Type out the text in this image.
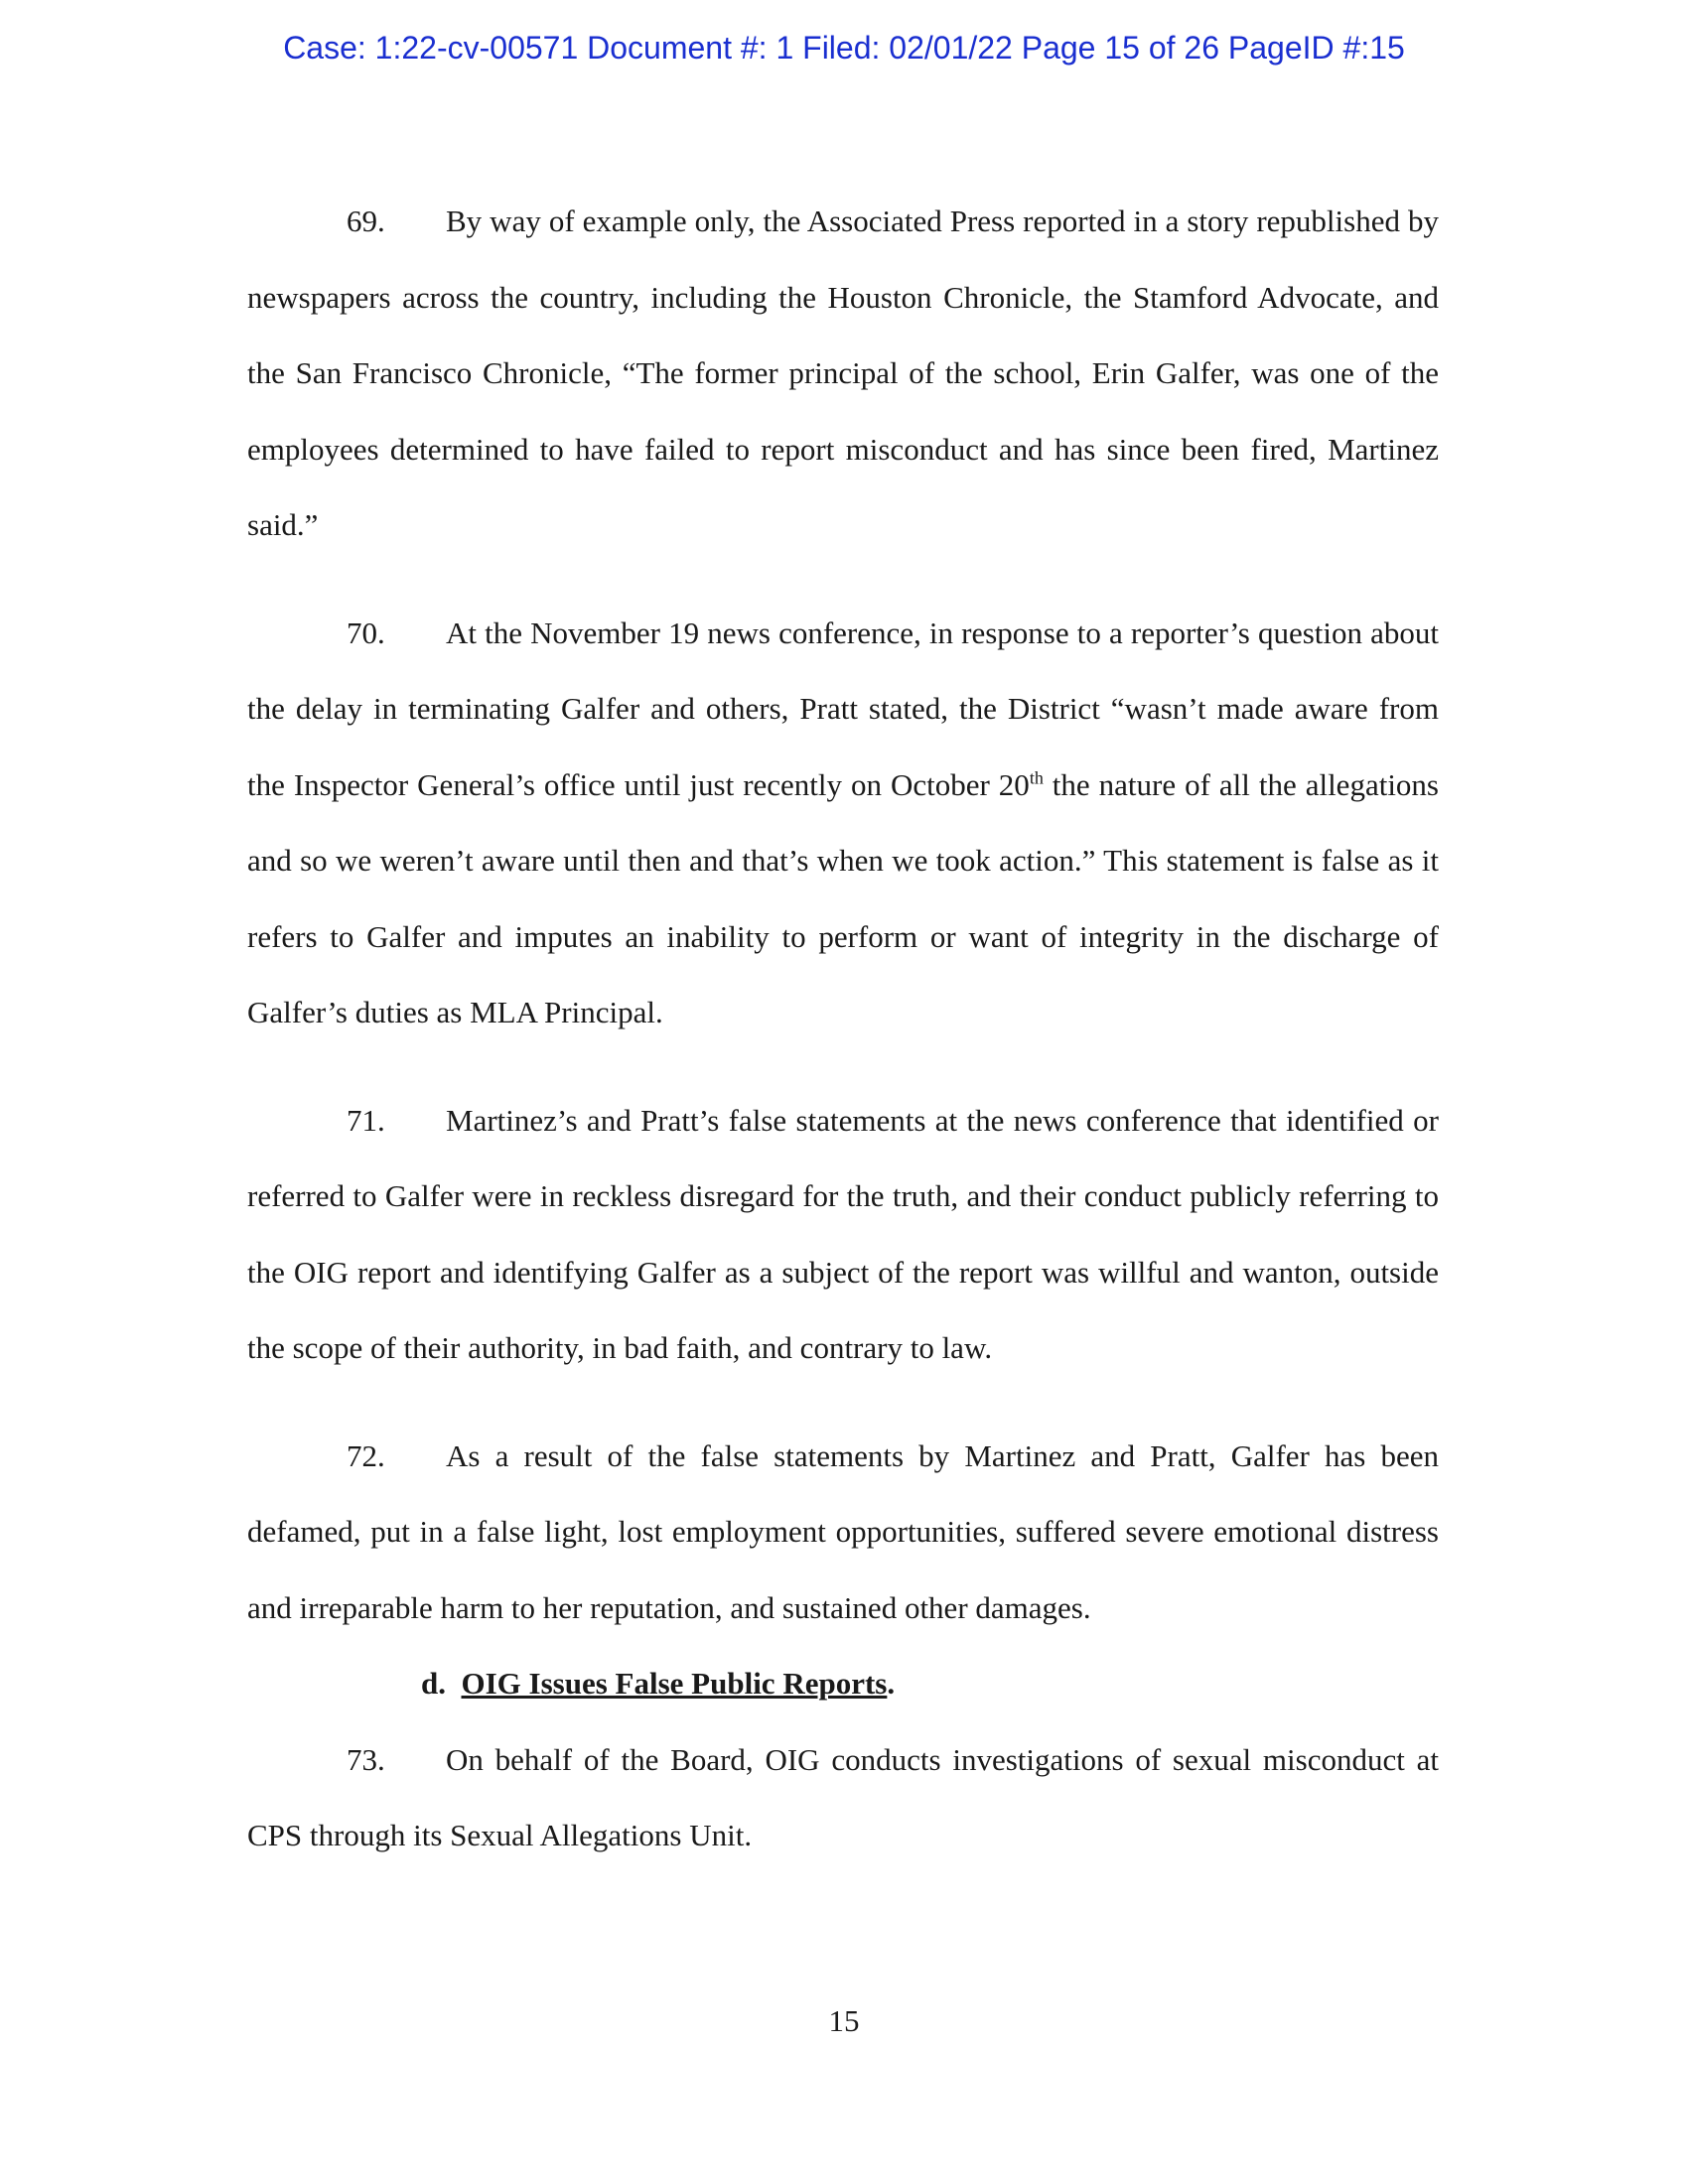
Case: 1:22-cv-00571 Document #: 1 Filed: 02/01/22 Page 15 of 26 PageID #:15

69. By way of example only, the Associated Press reported in a story republished by newspapers across the country, including the Houston Chronicle, the Stamford Advocate, and the San Francisco Chronicle, “The former principal of the school, Erin Galfer, was one of the employees determined to have failed to report misconduct and has since been fired, Martinez said.”

70. At the November 19 news conference, in response to a reporter’s question about the delay in terminating Galfer and others, Pratt stated, the District “wasn’t made aware from the Inspector General’s office until just recently on October 20th the nature of all the allegations and so we weren’t aware until then and that’s when we took action.” This statement is false as it refers to Galfer and imputes an inability to perform or want of integrity in the discharge of Galfer’s duties as MLA Principal.

71. Martinez’s and Pratt’s false statements at the news conference that identified or referred to Galfer were in reckless disregard for the truth, and their conduct publicly referring to the OIG report and identifying Galfer as a subject of the report was willful and wanton, outside the scope of their authority, in bad faith, and contrary to law.

72. As a result of the false statements by Martinez and Pratt, Galfer has been defamed, put in a false light, lost employment opportunities, suffered severe emotional distress and irreparable harm to her reputation, and sustained other damages.

d. OIG Issues False Public Reports.

73. On behalf of the Board, OIG conducts investigations of sexual misconduct at CPS through its Sexual Allegations Unit.

15
